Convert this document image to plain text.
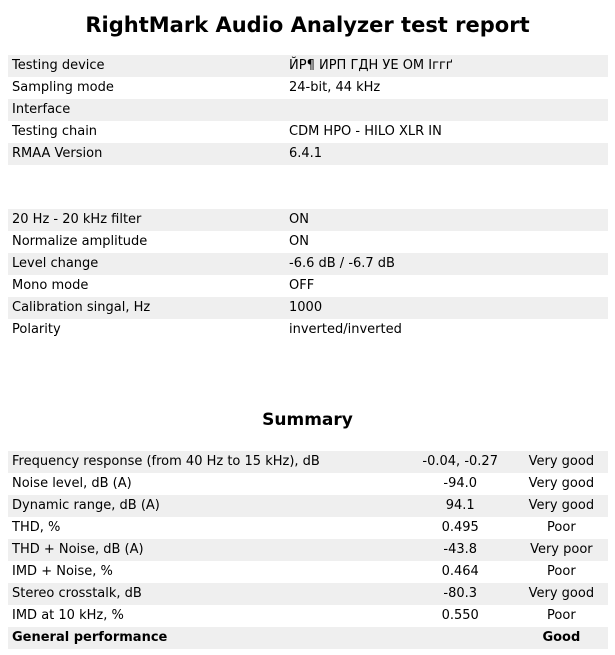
RightMark Audio Analyzer test report
Testing device	ЙР¶ ИРП ГДН УЕ ОМ Iггґ
Sampling mode	24-bit, 44 kHz
Interface	
Testing chain	CDM HPO - HILO XLR IN
RMAA Version	6.4.1
20 Hz - 20 kHz filter	ON
Normalize amplitude	ON
Level change	-6.6 dB / -6.7 dB
Mono mode	OFF
Calibration singal, Hz	1000
Polarity	inverted/inverted
Summary
Frequency response (from 40 Hz to 15 kHz), dB	-0.04, -0.27	Very good
Noise level, dB (A)	-94.0	Very good
Dynamic range, dB (A)	94.1	Very good
THD, %	0.495	Poor
THD + Noise, dB (A)	-43.8	Very poor
IMD + Noise, %	0.464	Poor
Stereo crosstalk, dB	-80.3	Very good
IMD at 10 kHz, %	0.550	Poor
General performance		Good
